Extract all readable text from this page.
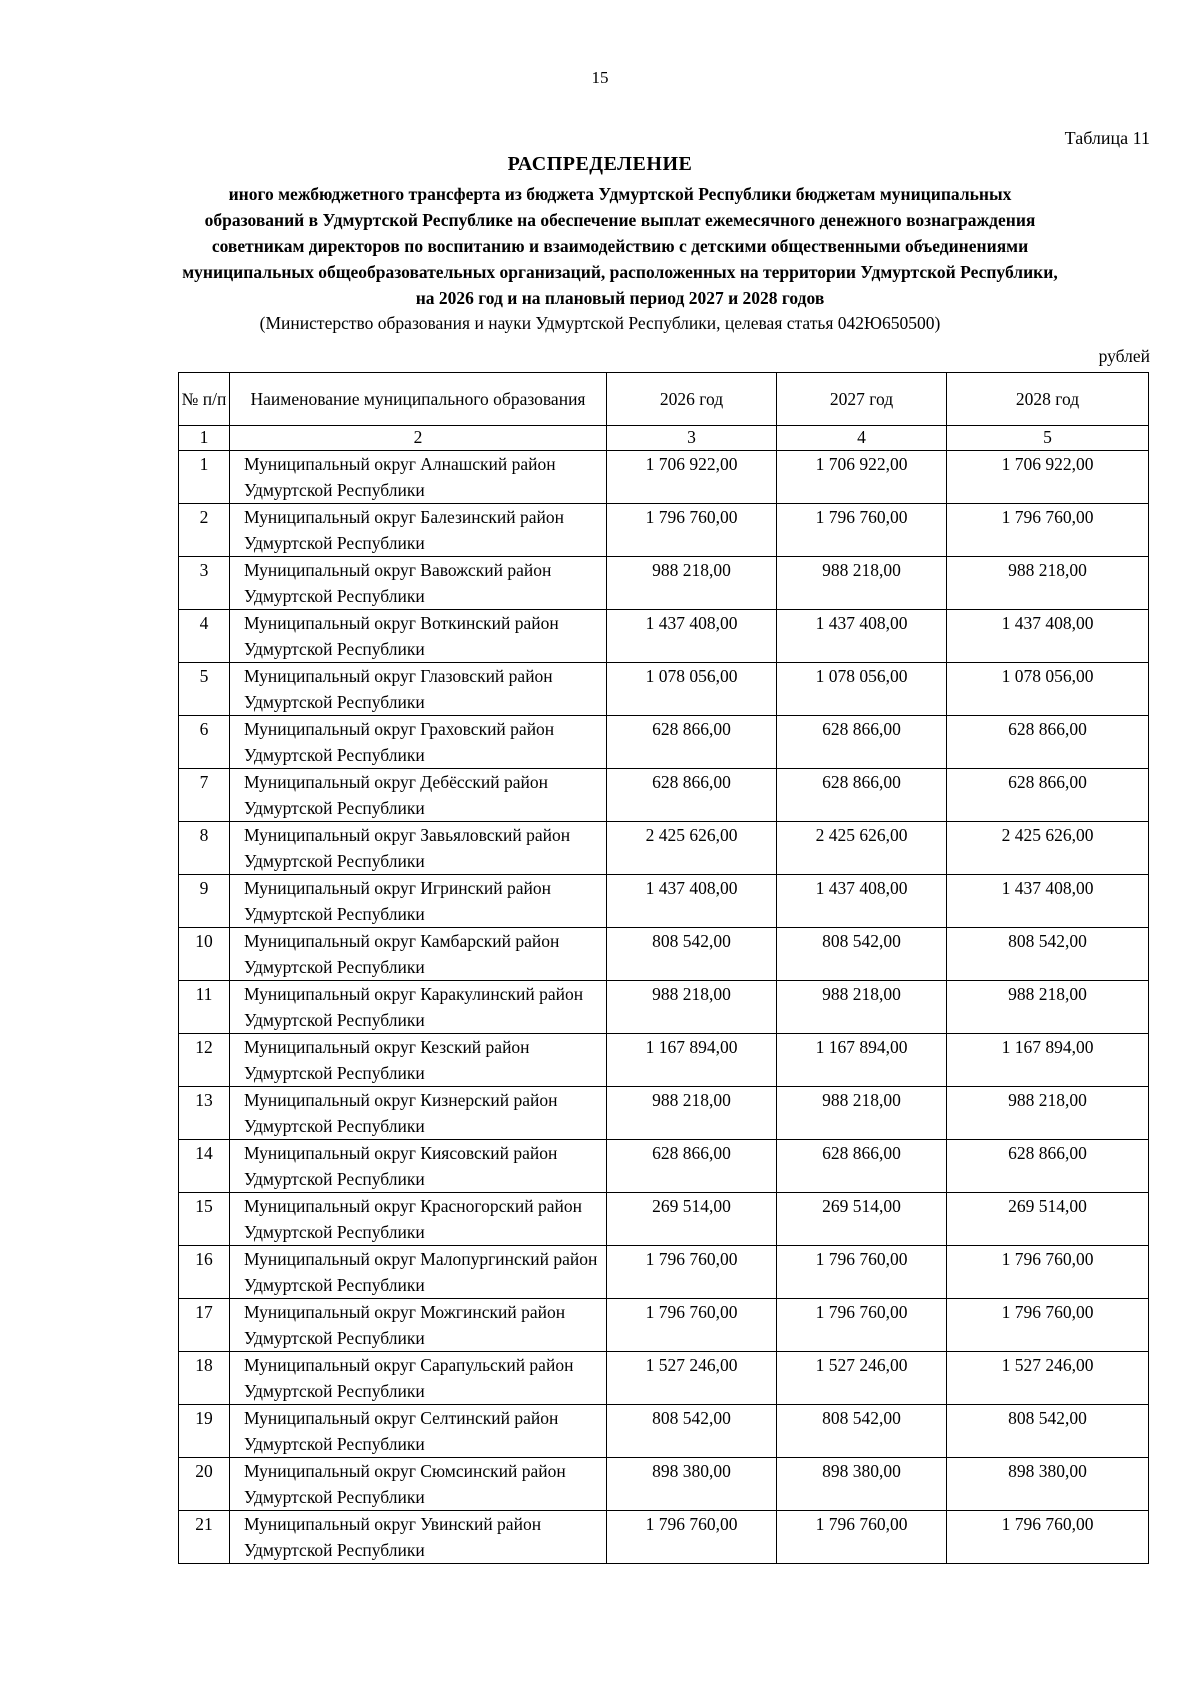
15
Таблица 11
РАСПРЕДЕЛЕНИЕ
иного межбюджетного трансферта из бюджета Удмуртской Республики бюджетам муниципальных образований в Удмуртской Республике на обеспечение выплат ежемесячного денежного вознаграждения советникам директоров по воспитанию и взаимодействию с детскими общественными объединениями муниципальных общеобразовательных организаций, расположенных на территории Удмуртской Республики, на 2026 год и на плановый период 2027 и 2028 годов
(Министерство образования и науки Удмуртской Республики, целевая статья 042Ю650500)
рублей
№ п/п	Наименование муниципального образования	2026 год	2027 год	2028 год
1	2	3	4	5
1	Муниципальный округ Алнашский район Удмуртской Республики	1 706 922,00	1 706 922,00	1 706 922,00
2	Муниципальный округ Балезинский район Удмуртской Республики	1 796 760,00	1 796 760,00	1 796 760,00
3	Муниципальный округ Вавожский район Удмуртской Республики	988 218,00	988 218,00	988 218,00
4	Муниципальный округ Воткинский район Удмуртской Республики	1 437 408,00	1 437 408,00	1 437 408,00
5	Муниципальный округ Глазовский район Удмуртской Республики	1 078 056,00	1 078 056,00	1 078 056,00
6	Муниципальный округ Граховский район Удмуртской Республики	628 866,00	628 866,00	628 866,00
7	Муниципальный округ Дебёсский район Удмуртской Республики	628 866,00	628 866,00	628 866,00
8	Муниципальный округ Завьяловский район Удмуртской Республики	2 425 626,00	2 425 626,00	2 425 626,00
9	Муниципальный округ Игринский район Удмуртской Республики	1 437 408,00	1 437 408,00	1 437 408,00
10	Муниципальный округ Камбарский район Удмуртской Республики	808 542,00	808 542,00	808 542,00
11	Муниципальный округ Каракулинский район Удмуртской Республики	988 218,00	988 218,00	988 218,00
12	Муниципальный округ Кезский район Удмуртской Республики	1 167 894,00	1 167 894,00	1 167 894,00
13	Муниципальный округ Кизнерский район Удмуртской Республики	988 218,00	988 218,00	988 218,00
14	Муниципальный округ Киясовский район Удмуртской Республики	628 866,00	628 866,00	628 866,00
15	Муниципальный округ Красногорский район Удмуртской Республики	269 514,00	269 514,00	269 514,00
16	Муниципальный округ Малопургинский район Удмуртской Республики	1 796 760,00	1 796 760,00	1 796 760,00
17	Муниципальный округ Можгинский район Удмуртской Республики	1 796 760,00	1 796 760,00	1 796 760,00
18	Муниципальный округ Сарапульский район Удмуртской Республики	1 527 246,00	1 527 246,00	1 527 246,00
19	Муниципальный округ Селтинский район Удмуртской Республики	808 542,00	808 542,00	808 542,00
20	Муниципальный округ Сюмсинский район Удмуртской Республики	898 380,00	898 380,00	898 380,00
21	Муниципальный округ Увинский район Удмуртской Республики	1 796 760,00	1 796 760,00	1 796 760,00
